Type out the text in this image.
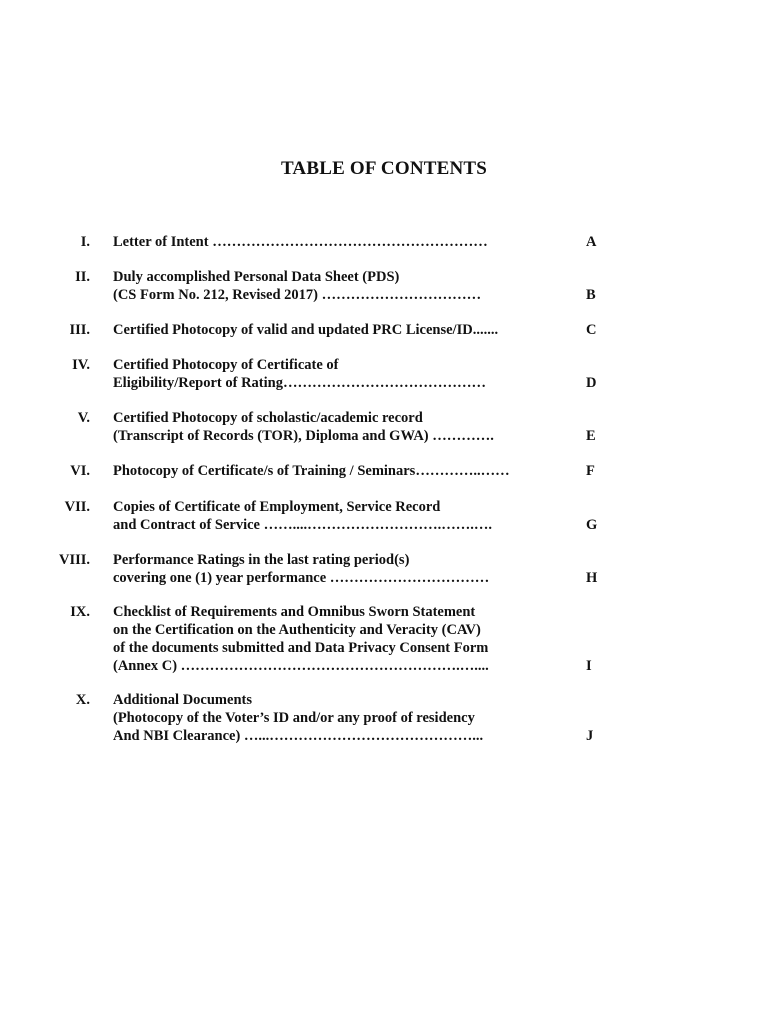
TABLE OF CONTENTS
I. Letter of Intent …………………………………………………	A
II. Duly accomplished Personal Data Sheet (PDS)
(CS Form No. 212, Revised 2017) ……………………………	B
III. Certified Photocopy of valid and updated PRC License/ID.......	C
IV. Certified Photocopy of Certificate of
Eligibility/Report of Rating……………………………………	D
V. Certified Photocopy of scholastic/academic record
(Transcript of Records (TOR), Diploma and GWA) ………….	E
VI. Photocopy of Certificate/s of Training / Seminars…………..……	F
VII. Copies of Certificate of Employment, Service Record
and Contract of Service ……....……………………….…….….	G
VIII. Performance Ratings in the last rating period(s)
covering one (1) year performance ……………………………	H
IX. Checklist of Requirements and Omnibus Sworn Statement
on the Certification on the Authenticity and Veracity (CAV)
of the documents submitted and Data Privacy Consent Form
(Annex C) ………………………………………………….…....	I
X. Additional Documents
(Photocopy of the Voter’s ID and/or any proof of residency
And NBI Clearance) …...……………………………………...	J
